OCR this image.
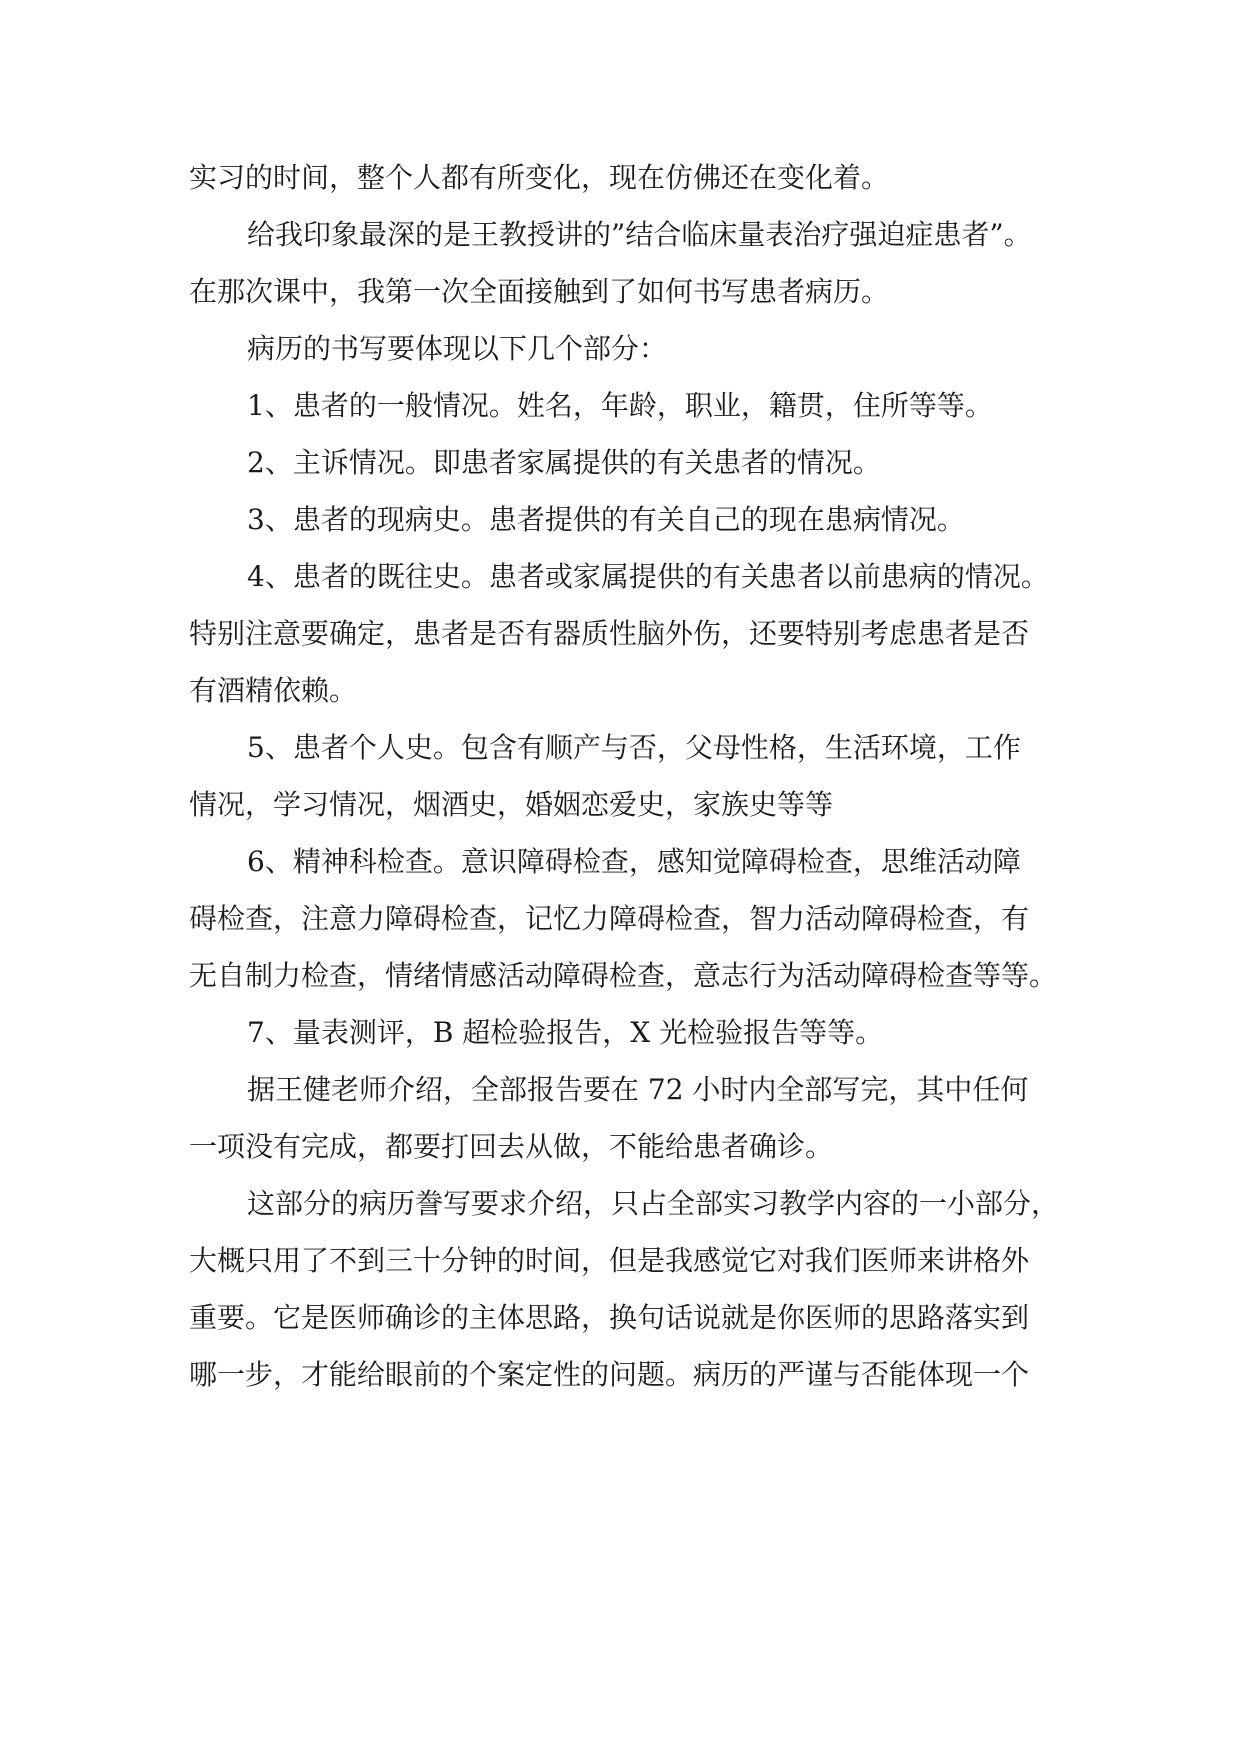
实习的时间，整个人都有所变化，现在仿佛还在变化着。
给我印象最深的是王教授讲的”结合临床量表治疗强迫症患者”。
在那次课中，我第一次全面接触到了如何书写患者病历。
病历的书写要体现以下几个部分：
1、患者的一般情况。姓名，年龄，职业，籍贯，住所等等。
2、主诉情况。即患者家属提供的有关患者的情况。
3、患者的现病史。患者提供的有关自己的现在患病情况。
4、患者的既往史。患者或家属提供的有关患者以前患病的情况。
特别注意要确定，患者是否有器质性脑外伤，还要特别考虑患者是否
有酒精依赖。
5、患者个人史。包含有顺产与否，父母性格，生活环境，工作
情况，学习情况，烟酒史，婚姻恋爱史，家族史等等
6、精神科检查。意识障碍检查，感知觉障碍检查，思维活动障
碍检查，注意力障碍检查，记忆力障碍检查，智力活动障碍检查，有
无自制力检查，情绪情感活动障碍检查，意志行为活动障碍检查等等。
7、量表测评，B 超检验报告，X 光检验报告等等。
据王健老师介绍，全部报告要在 72 小时内全部写完，其中任何
一项没有完成，都要打回去从做，不能给患者确诊。
这部分的病历誊写要求介绍，只占全部实习教学内容的一小部分，
大概只用了不到三十分钟的时间，但是我感觉它对我们医师来讲格外
重要。它是医师确诊的主体思路，换句话说就是你医师的思路落实到
哪一步，才能给眼前的个案定性的问题。病历的严谨与否能体现一个
